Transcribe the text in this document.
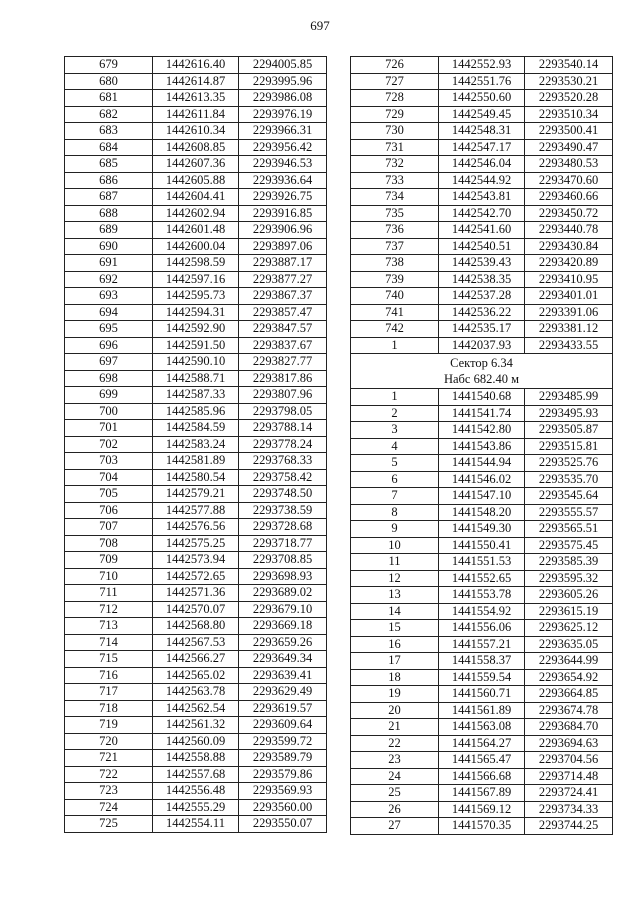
697
679	1442616.40	2294005.85
680	1442614.87	2293995.96
681	1442613.35	2293986.08
682	1442611.84	2293976.19
683	1442610.34	2293966.31
684	1442608.85	2293956.42
685	1442607.36	2293946.53
686	1442605.88	2293936.64
687	1442604.41	2293926.75
688	1442602.94	2293916.85
689	1442601.48	2293906.96
690	1442600.04	2293897.06
691	1442598.59	2293887.17
692	1442597.16	2293877.27
693	1442595.73	2293867.37
694	1442594.31	2293857.47
695	1442592.90	2293847.57
696	1442591.50	2293837.67
697	1442590.10	2293827.77
698	1442588.71	2293817.86
699	1442587.33	2293807.96
700	1442585.96	2293798.05
701	1442584.59	2293788.14
702	1442583.24	2293778.24
703	1442581.89	2293768.33
704	1442580.54	2293758.42
705	1442579.21	2293748.50
706	1442577.88	2293738.59
707	1442576.56	2293728.68
708	1442575.25	2293718.77
709	1442573.94	2293708.85
710	1442572.65	2293698.93
711	1442571.36	2293689.02
712	1442570.07	2293679.10
713	1442568.80	2293669.18
714	1442567.53	2293659.26
715	1442566.27	2293649.34
716	1442565.02	2293639.41
717	1442563.78	2293629.49
718	1442562.54	2293619.57
719	1442561.32	2293609.64
720	1442560.09	2293599.72
721	1442558.88	2293589.79
722	1442557.68	2293579.86
723	1442556.48	2293569.93
724	1442555.29	2293560.00
725	1442554.11	2293550.07
726	1442552.93	2293540.14
727	1442551.76	2293530.21
728	1442550.60	2293520.28
729	1442549.45	2293510.34
730	1442548.31	2293500.41
731	1442547.17	2293490.47
732	1442546.04	2293480.53
733	1442544.92	2293470.60
734	1442543.81	2293460.66
735	1442542.70	2293450.72
736	1442541.60	2293440.78
737	1442540.51	2293430.84
738	1442539.43	2293420.89
739	1442538.35	2293410.95
740	1442537.28	2293401.01
741	1442536.22	2293391.06
742	1442535.17	2293381.12
1	1442037.93	2293433.55
Сектор 6.34
Набс 682.40 м		
1	1441540.68	2293485.99
2	1441541.74	2293495.93
3	1441542.80	2293505.87
4	1441543.86	2293515.81
5	1441544.94	2293525.76
6	1441546.02	2293535.70
7	1441547.10	2293545.64
8	1441548.20	2293555.57
9	1441549.30	2293565.51
10	1441550.41	2293575.45
11	1441551.53	2293585.39
12	1441552.65	2293595.32
13	1441553.78	2293605.26
14	1441554.92	2293615.19
15	1441556.06	2293625.12
16	1441557.21	2293635.05
17	1441558.37	2293644.99
18	1441559.54	2293654.92
19	1441560.71	2293664.85
20	1441561.89	2293674.78
21	1441563.08	2293684.70
22	1441564.27	2293694.63
23	1441565.47	2293704.56
24	1441566.68	2293714.48
25	1441567.89	2293724.41
26	1441569.12	2293734.33
27	1441570.35	2293744.25
